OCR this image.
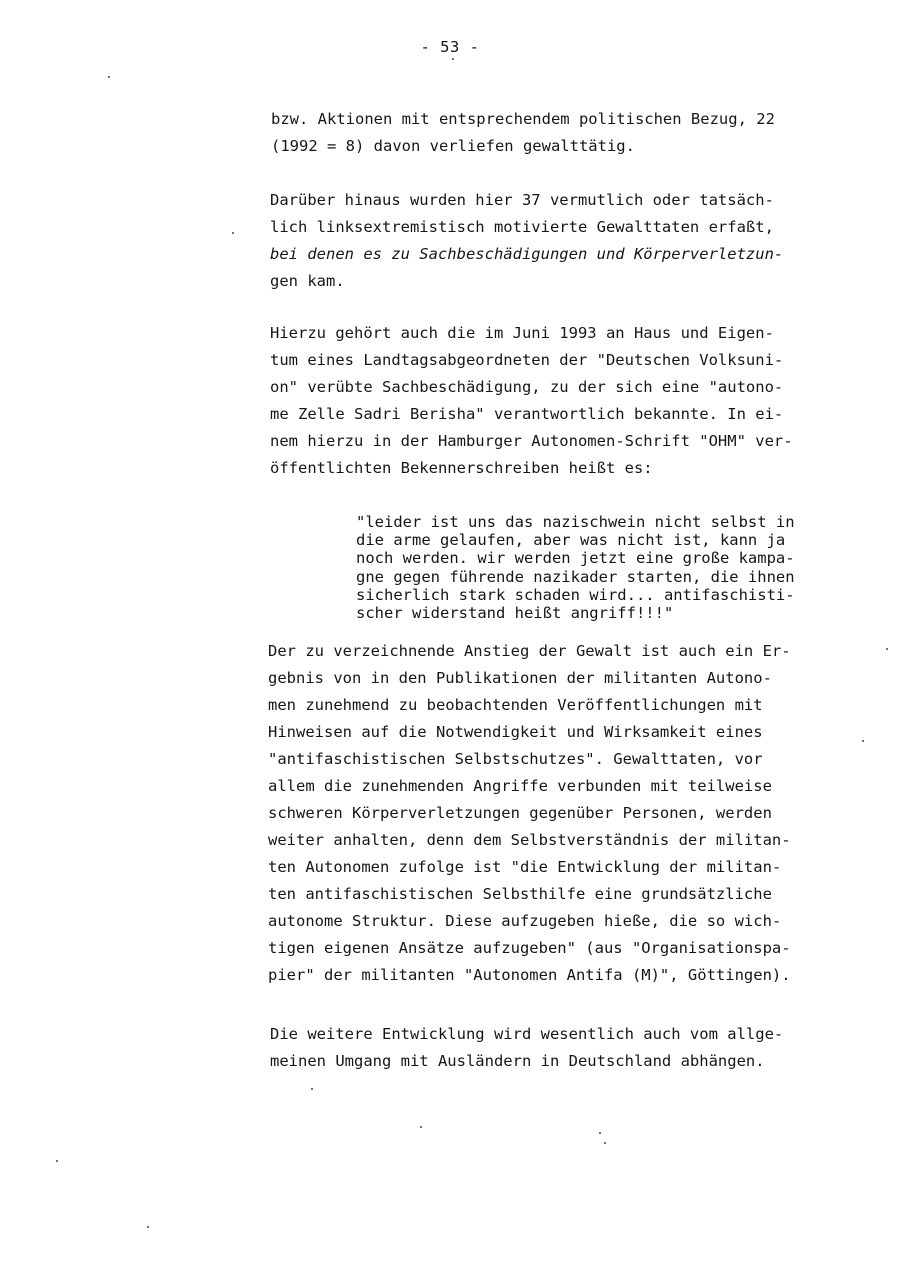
- 53 -

bzw. Aktionen mit entsprechendem politischen Bezug, 22
(1992 = 8) davon verliefen gewalttätig.

Darüber hinaus wurden hier 37 vermutlich oder tatsäch-
lich linksextremistisch motivierte Gewalttaten erfaßt,
bei denen es zu Sachbeschädigungen und Körperverletzun-
gen kam.

Hierzu gehört auch die im Juni 1993 an Haus und Eigen-
tum eines Landtagsabgeordneten der "Deutschen Volksuni-
on" verübte Sachbeschädigung, zu der sich eine "autono-
me Zelle Sadri Berisha" verantwortlich bekannte. In ei-
nem hierzu in der Hamburger Autonomen-Schrift "OHM" ver-
öffentlichten Bekennerschreiben heißt es:

"leider ist uns das nazischwein nicht selbst in
die arme gelaufen, aber was nicht ist, kann ja
noch werden. wir werden jetzt eine große kampa-
gne gegen führende nazikader starten, die ihnen
sicherlich stark schaden wird... antifaschisti-
scher widerstand heißt angriff!!!"

Der zu verzeichnende Anstieg der Gewalt ist auch ein Er-
gebnis von in den Publikationen der militanten Autono-
men zunehmend zu beobachtenden Veröffentlichungen mit
Hinweisen auf die Notwendigkeit und Wirksamkeit eines
"antifaschistischen Selbstschutzes". Gewalttaten, vor
allem die zunehmenden Angriffe verbunden mit teilweise
schweren Körperverletzungen gegenüber Personen, werden
weiter anhalten, denn dem Selbstverständnis der militan-
ten Autonomen zufolge ist "die Entwicklung der militan-
ten antifaschistischen Selbsthilfe eine grundsätzliche
autonome Struktur. Diese aufzugeben hieße, die so wich-
tigen eigenen Ansätze aufzugeben" (aus "Organisationspa-
pier" der militanten "Autonomen Antifa (M)", Göttingen).

Die weitere Entwicklung wird wesentlich auch vom allge-
meinen Umgang mit Ausländern in Deutschland abhängen.
